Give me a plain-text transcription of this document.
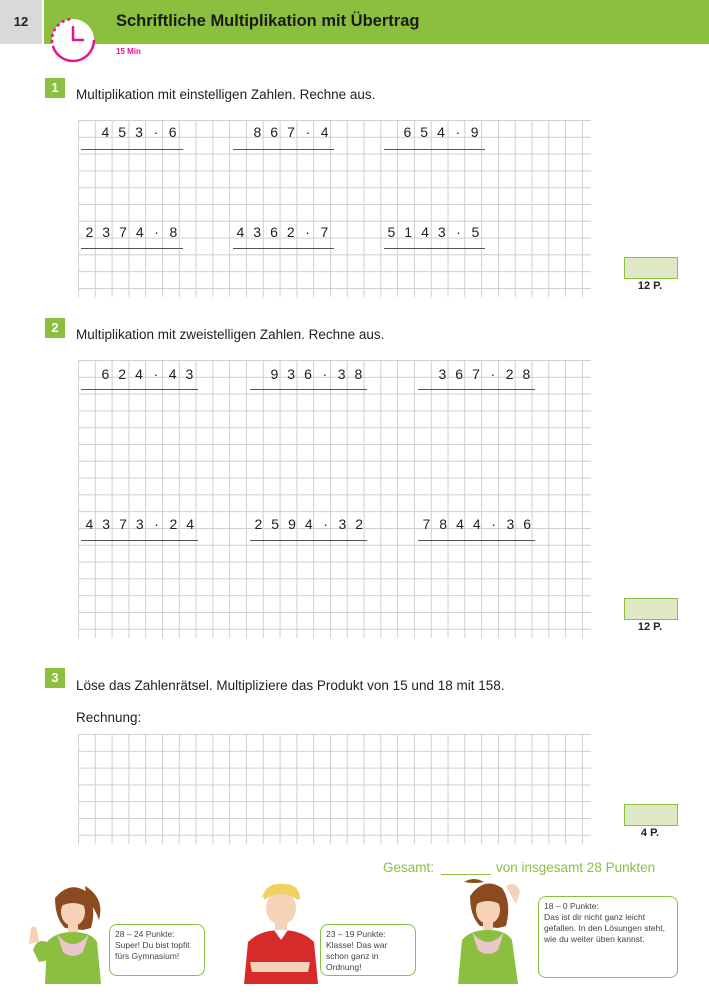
12	Schriftliche Multiplikation mit Übertrag
15 Min
1	Multiplikation mit einstelligen Zahlen. Rechne aus.
4 5 3 · 6	8 6 7 · 4	6 5 4 · 9
2 3 7 4 · 8	4 3 6 2 · 7	5 1 4 3 · 5
12 P.
2	Multiplikation mit zweistelligen Zahlen. Rechne aus.
6 2 4 · 4 3	9 3 6 · 3 8	3 6 7 · 2 8
4 3 7 3 · 2 4	2 5 9 4 · 3 2	7 8 4 4 · 3 6
12 P.
3
Löse das Zahlenrätsel. Multipliziere das Produkt von 15 und 18 mit 158.
Rechnung:
4 P.
Gesamt:	von insgesamt 28 Punkten
28 – 24 Punkte:
Super! Du bist topfit fürs Gymnasium!
23 – 19 Punkte:
Klasse! Das war schon ganz in Ordnung!
18 – 0 Punkte:
Das ist dir nicht ganz leicht gefallen. In den Lösungen steht, wie du weiter üben kannst.
